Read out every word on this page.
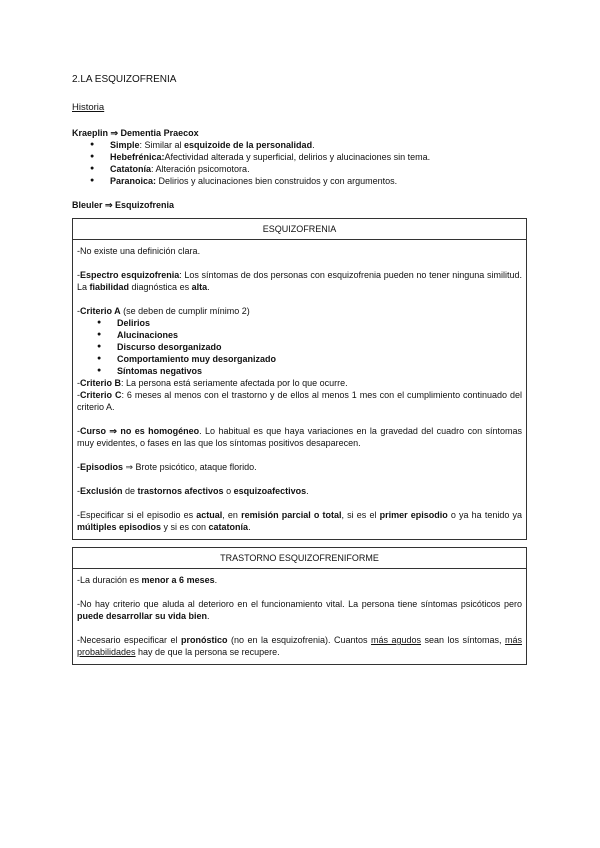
2.LA ESQUIZOFRENIA
Historia
Kraeplin ⇒ Dementia Praecox
● Simple: Similar al esquizoide de la personalidad.
● Hebefrénica:Afectividad alterada y superficial, delirios y alucinaciones sin tema.
● Catatonía: Alteración psicomotora.
● Paranoica: Delirios y alucinaciones bien construidos y con argumentos.
Bleuler ⇒ Esquizofrenia
ESQUIZOFRENIA

-No existe una definición clara.
-Espectro esquizofrenia: Los síntomas de dos personas con esquizofrenia pueden no tener ninguna similitud. La fiabilidad diagnóstica es alta.
-Criterio A (se deben de cumplir mínimo 2)
● Delirios
● Alucinaciones
● Discurso desorganizado
● Comportamiento muy desorganizado
● Síntomas negativos
-Criterio B: La persona está seriamente afectada por lo que ocurre.
-Criterio C: 6 meses al menos con el trastorno y de ellos al menos 1 mes con el cumplimiento continuado del criterio A.
-Curso ⇒ no es homogéneo. Lo habitual es que haya variaciones en la gravedad del cuadro con síntomas muy evidentes, o fases en las que los síntomas positivos desaparecen.
-Episodios ⇒ Brote psicótico, ataque florido.
-Exclusión de trastornos afectivos o esquizoafectivos.
-Especificar si el episodio es actual, en remisión parcial o total, si es el primer episodio o ya ha tenido ya múltiples episodios y si es con catatonía.
TRASTORNO ESQUIZOFRENIFORME

-La duración es menor a 6 meses.
-No hay criterio que aluda al deterioro en el funcionamiento vital. La persona tiene síntomas psicóticos pero puede desarrollar su vida bien.
-Necesario especificar el pronóstico (no en la esquizofrenia). Cuantos más agudos sean los síntomas, más probabilidades hay de que la persona se recupere.
